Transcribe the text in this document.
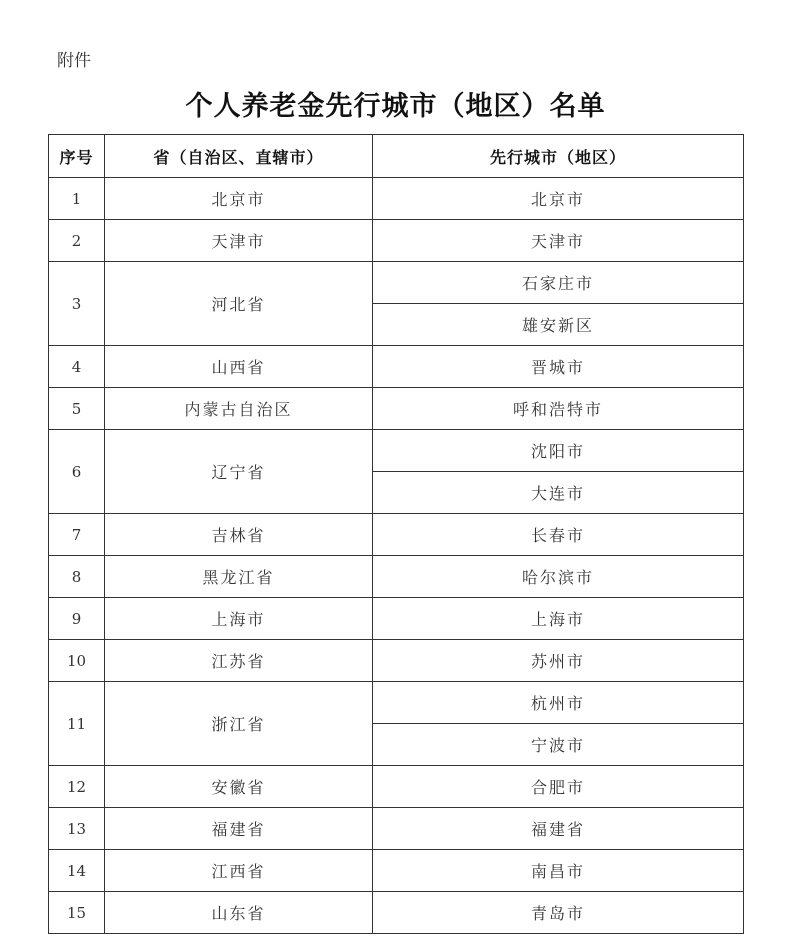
附件
个人养老金先行城市（地区）名单
序号	省（自治区、直辖市）	先行城市（地区）
1	北京市	北京市
2	天津市	天津市
3	河北省	石家庄市
		雄安新区
4	山西省	晋城市
5	内蒙古自治区	呼和浩特市
6	辽宁省	沈阳市
		大连市
7	吉林省	长春市
8	黑龙江省	哈尔滨市
9	上海市	上海市
10	江苏省	苏州市
11	浙江省	杭州市
		宁波市
12	安徽省	合肥市
13	福建省	福建省
14	江西省	南昌市
15	山东省	青岛市
